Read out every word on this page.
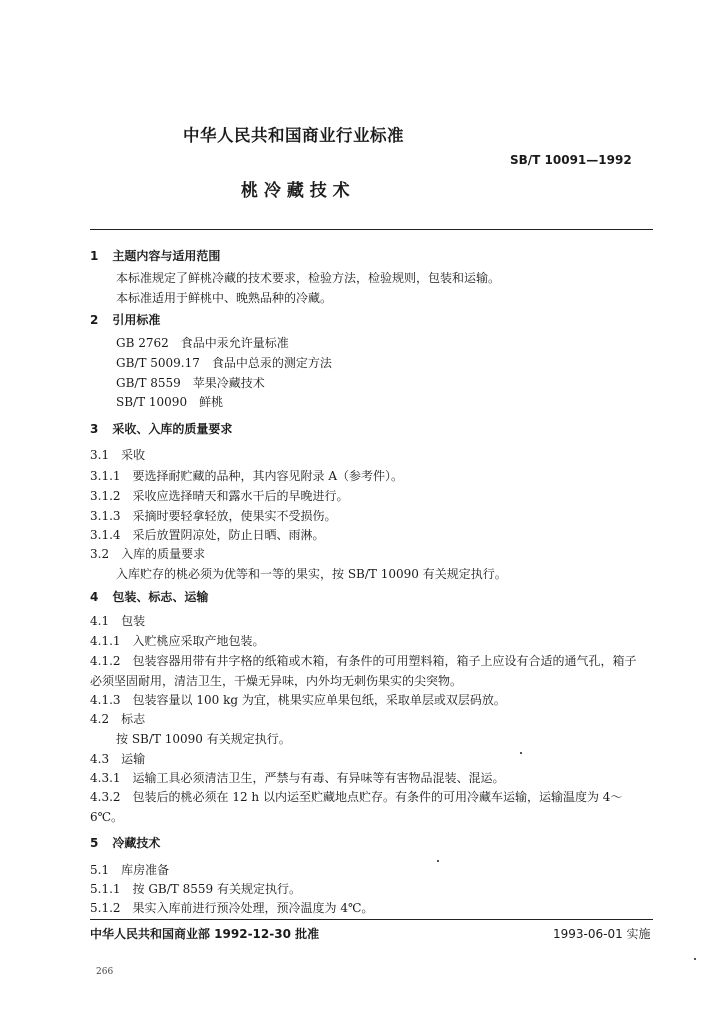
中华人民共和国商业行业标准
SB/T 10091—1992
桃 冷 藏 技 术
1 主题内容与适用范围
本标准规定了鲜桃冷藏的技术要求，检验方法，检验规则，包装和运输。
本标准适用于鲜桃中、晚熟品种的冷藏。
2 引用标准
GB 2762　食品中汞允许量标准
GB/T 5009.17　食品中总汞的测定方法
GB/T 8559　苹果冷藏技术
SB/T 10090　鲜桃
3 采收、入库的质量要求
3.1　采收
3.1.1　要选择耐贮藏的品种，其内容见附录 A（参考件）。
3.1.2　采收应选择晴天和露水干后的早晚进行。
3.1.3　采摘时要轻拿轻放，使果实不受损伤。
3.1.4　采后放置阴凉处，防止日晒、雨淋。
3.2　入库的质量要求
入库贮存的桃必须为优等和一等的果实，按 SB/T 10090 有关规定执行。
4 包装、标志、运输
4.1　包装
4.1.1　入贮桃应采取产地包装。
4.1.2　包装容器用带有井字格的纸箱或木箱，有条件的可用塑料箱，箱子上应设有合适的通气孔，箱子
必须坚固耐用，清洁卫生，干燥无异味，内外均无刺伤果实的尖突物。
4.1.3　包装容量以 100 kg 为宜，桃果实应单果包纸，采取单层或双层码放。
4.2　标志
按 SB/T 10090 有关规定执行。
4.3　运输
4.3.1　运输工具必须清洁卫生，严禁与有毒、有异味等有害物品混装、混运。
4.3.2　包装后的桃必须在 12 h 以内运至贮藏地点贮存。有条件的可用冷藏车运输，运输温度为 4～
6℃。
5 冷藏技术
5.1　库房准备
5.1.1　按 GB/T 8559 有关规定执行。
5.1.2　果实入库前进行预冷处理，预冷温度为 4℃。
中华人民共和国商业部 1992-12-30 批准	1993-06-01 实施
266
